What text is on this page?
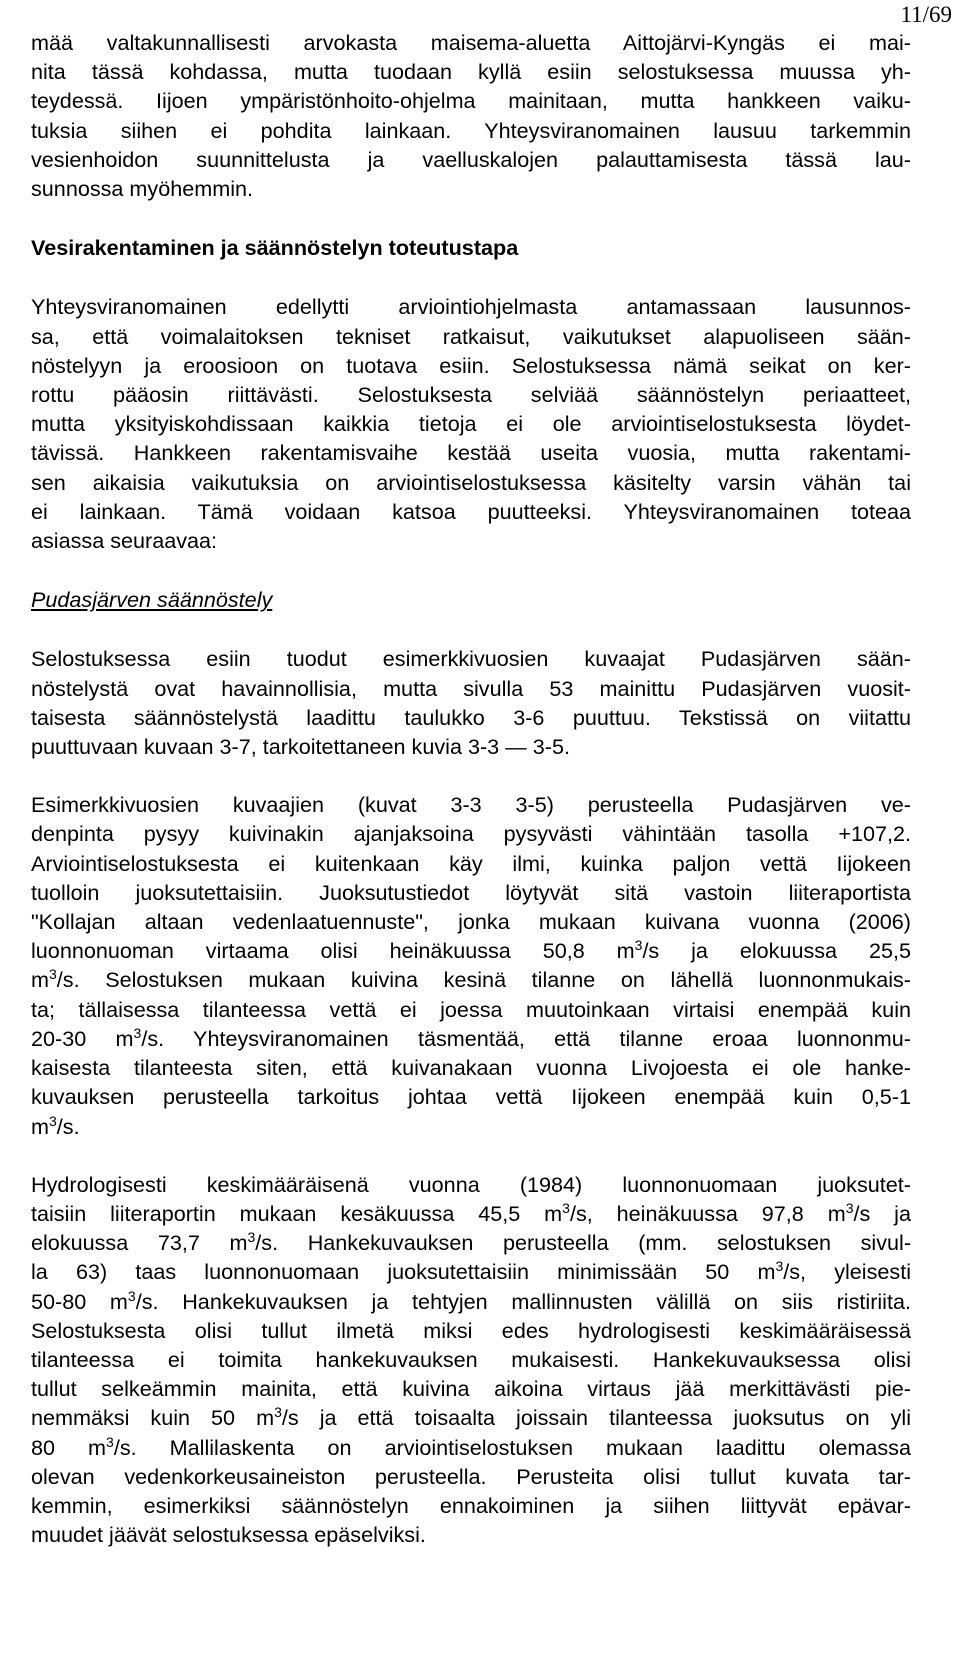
11/69
mää valtakunnallisesti arvokasta maisema-aluetta Aittojärvi-Kyngäs ei mai-
nita tässä kohdassa, mutta tuodaan kyllä esiin selostuksessa muussa yh-
teydessä. Iijoen ympäristönhoito-ohjelma mainitaan, mutta hankkeen vaiku-
tuksia siihen ei pohdita lainkaan. Yhteysviranomainen lausuu tarkemmin
vesienhoidon suunnittelusta ja vaelluskalojen palauttamisesta tässä lau-
sunnossa myöhemmin.
Vesirakentaminen ja säännöstelyn toteutustapa
Yhteysviranomainen edellytti arviointiohjelmasta antamassaan lausunnos-
sa, että voimalaitoksen tekniset ratkaisut, vaikutukset alapuoliseen sään-
nöstelyyn ja eroosioon on tuotava esiin. Selostuksessa nämä seikat on ker-
rottu pääosin riittävästi. Selostuksesta selviää säännöstelyn periaatteet,
mutta yksityiskohdissaan kaikkia tietoja ei ole arviointiselostuksesta löydet-
tävissä. Hankkeen rakentamisvaihe kestää useita vuosia, mutta rakentami-
sen aikaisia vaikutuksia on arviointiselostuksessa käsitelty varsin vähän tai
ei lainkaan. Tämä voidaan katsoa puutteeksi. Yhteysviranomainen toteaa
asiassa seuraavaa:
Pudasjärven säännöstely
Selostuksessa esiin tuodut esimerkkivuosien kuvaajat Pudasjärven sään-
nöstelystä ovat havainnollisia, mutta sivulla 53 mainittu Pudasjärven vuosit-
taisesta säännöstelystä laadittu taulukko 3-6 puuttuu. Tekstissä on viitattu
puuttuvaan kuvaan 3-7, tarkoitettaneen kuvia 3-3 — 3-5.
Esimerkkivuosien kuvaajien (kuvat 3-3 3-5) perusteella Pudasjärven ve-
denpinta pysyy kuivinakin ajanjaksoina pysyvästi vähintään tasolla +107,2.
Arviointiselostuksesta ei kuitenkaan käy ilmi, kuinka paljon vettä Iijokeen
tuolloin juoksutettaisiin. Juoksutustiedot löytyvät sitä vastoin liiteraportista
"Kollajan altaan vedenlaatuennuste", jonka mukaan kuivana vuonna (2006)
luonnonuoman virtaama olisi heinäkuussa 50,8 $m^3/s$ ja elokuussa 25,5
$m^3/s$. Selostuksen mukaan kuivina kesinä tilanne on lähellä luonnonmukais-
ta; tällaisessa tilanteessa vettä ei joessa muutoinkaan virtaisi enempää kuin
20-30 $m^3/s$. Yhteysviranomainen täsmentää, että tilanne eroaa luonnonmu-
kaisesta tilanteesta siten, että kuivanakaan vuonna Livojoesta ei ole hanke-
kuvauksen perusteella tarkoitus johtaa vettä Iijokeen enempää kuin 0,5-1
$m^3/s$.
Hydrologisesti keskimääräisenä vuonna (1984) luonnonuomaan juoksutet-
taisiin liiteraportin mukaan kesäkuussa 45,5 $m^3/s$, heinäkuussa 97,8 $m^3/s$ ja
elokuussa 73,7 $m^3/s$. Hankekuvauksen perusteella (mm. selostuksen sivul-
la 63) taas luonnonuomaan juoksutettaisiin minimissään 50 $m^3/s$, yleisesti
50-80 $m^3/s$. Hankekuvauksen ja tehtyjen mallinnusten välillä on siis ristiriita.
Selostuksesta olisi tullut ilmetä miksi edes hydrologisesti keskimääräisessä
tilanteessa ei toimita hankekuvauksen mukaisesti. Hankekuvauksessa olisi
tullut selkeämmin mainita, että kuivina aikoina virtaus jää merkittävästi pie-
nemmäksi kuin 50 $m^3/s$ ja että toisaalta joissain tilanteessa juoksutus on yli
80 $m^3/s$. Mallilaskenta on arviointiselostuksen mukaan laadittu olemassa
olevan vedenkorkeusaineiston perusteella. Perusteita olisi tullut kuvata tar-
kemmin, esimerkiksi säännöstelyn ennakoiminen ja siihen liittyvät epävar-
muudet jäävät selostuksessa epäselviksi.
